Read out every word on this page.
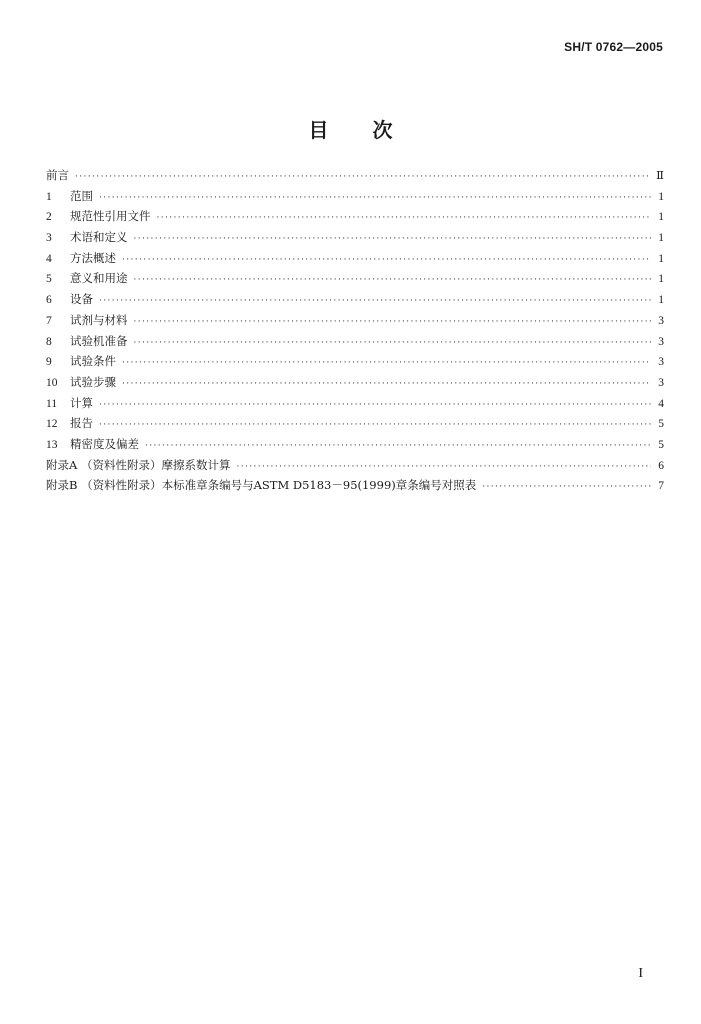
SH/T 0762—2005
目次
前言 ·····	Ⅱ
1	范围 ·····	1
2	规范性引用文件 ·····	1
3	术语和定义 ·····	1
4	方法概述 ·····	1
5	意义和用途 ·····	1
6	设备 ·····	1
7	试剂与材料 ·····	3
8	试验机准备 ·····	3
9	试验条件 ·····	3
10	试验步骤 ·····	3
11	计算 ·····	4
12	报告 ·····	5
13	精密度及偏差 ·····	5
附录A （资料性附录）摩擦系数计算 ·····	6
附录B （资料性附录）本标准章条编号与ASTM D5183－95(1999)章条编号对照表 ·····	7
I
